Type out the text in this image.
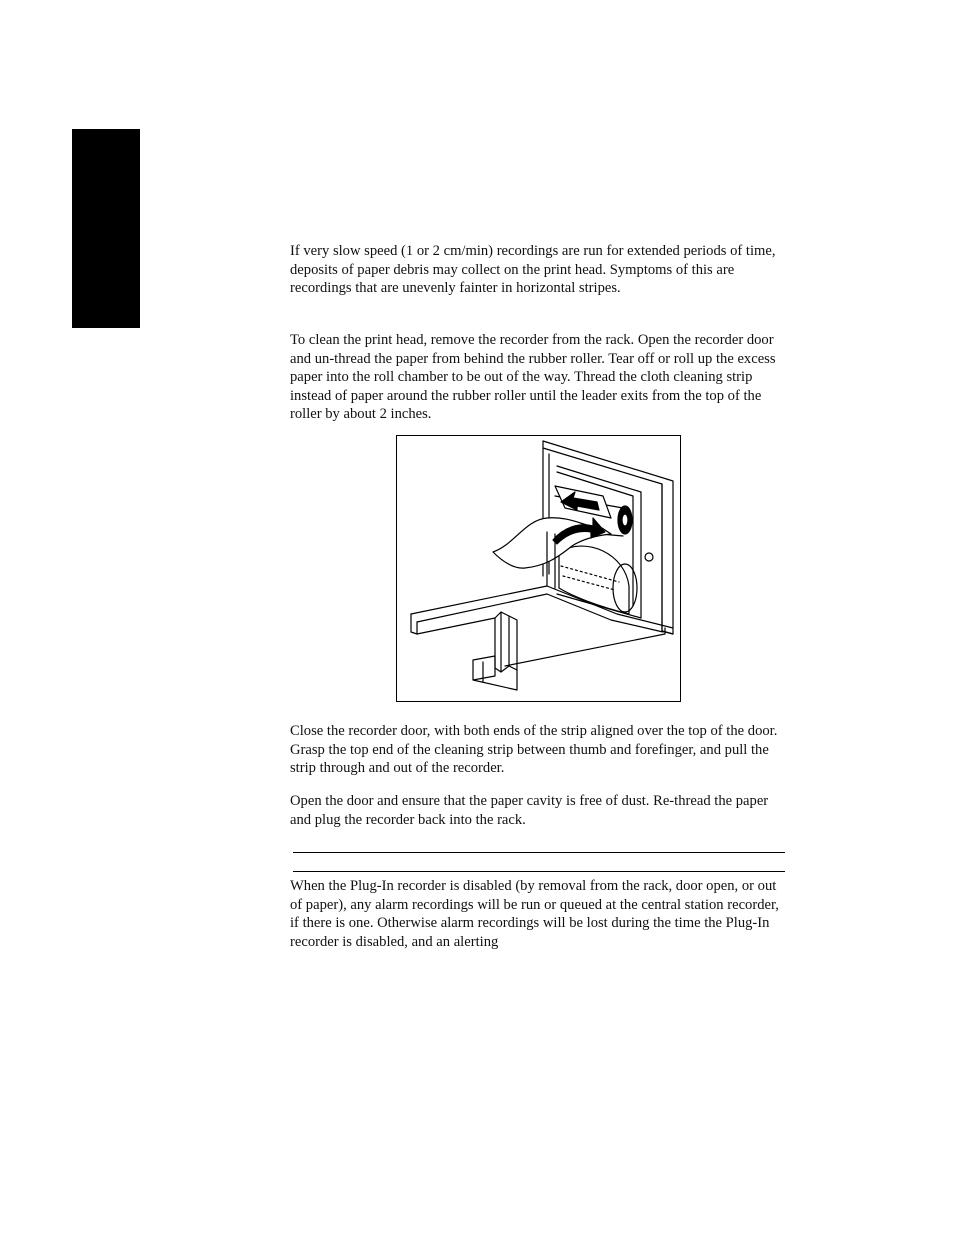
If very slow speed (1 or 2 cm/min) recordings are run for extended periods of time, deposits of paper debris may collect on the print head. Symptoms of this are recordings that are unevenly fainter in horizontal stripes.

To clean the print head, remove the recorder from the rack. Open the recorder door and un-thread the paper from behind the rubber roller. Tear off or roll up the excess paper into the roll chamber to be out of the way. Thread the cloth cleaning strip instead of paper around the rubber roller until the leader exits from the top of the roller by about 2 inches.

Close the recorder door, with both ends of the strip aligned over the top of the door. Grasp the top end of the cleaning strip between thumb and forefinger, and pull the strip through and out of the recorder.

Open the door and ensure that the paper cavity is free of dust. Re-thread the paper and plug the recorder back into the rack.

When the Plug-In recorder is disabled (by removal from the rack, door open, or out of paper), any alarm recordings will be run or queued at the central station recorder, if there is one. Otherwise alarm recordings will be lost during the time the Plug-In recorder is disabled, and an alerting
